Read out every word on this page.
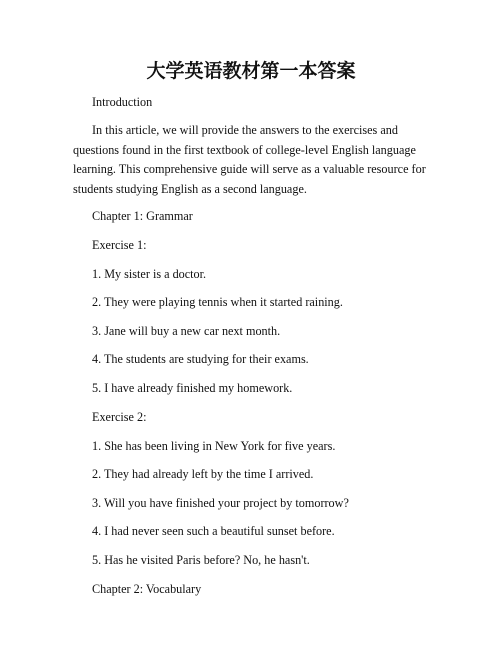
大学英语教材第一本答案
Introduction
In this article, we will provide the answers to the exercises and questions found in the first textbook of college-level English language learning. This comprehensive guide will serve as a valuable resource for students studying English as a second language.
Chapter 1: Grammar
Exercise 1:
1. My sister is a doctor.
2. They were playing tennis when it started raining.
3. Jane will buy a new car next month.
4. The students are studying for their exams.
5. I have already finished my homework.
Exercise 2:
1. She has been living in New York for five years.
2. They had already left by the time I arrived.
3. Will you have finished your project by tomorrow?
4. I had never seen such a beautiful sunset before.
5. Has he visited Paris before? No, he hasn't.
Chapter 2: Vocabulary
